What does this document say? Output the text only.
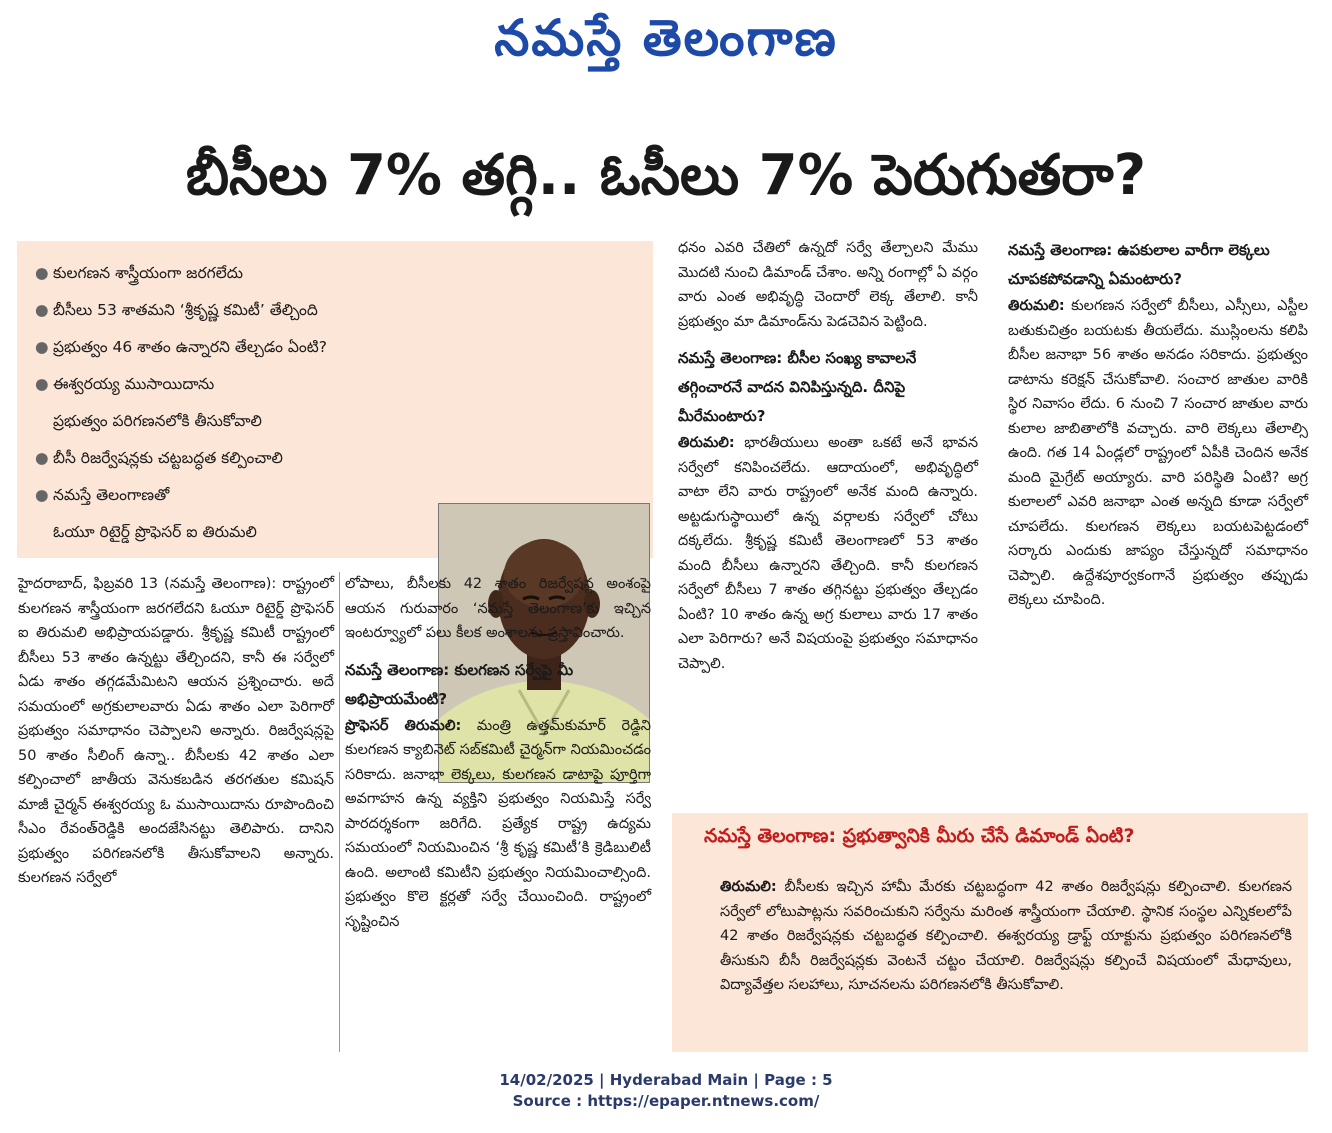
నమస్తే తెలంగాణ
బీసీలు 7% తగ్గి.. ఓసీలు 7% పెరుగుతరా?
● కులగణన శాస్త్రీయంగా జరగలేదు
● బీసీలు 53 శాతమని ‘శ్రీకృష్ణ కమిటీ’ తేల్చింది
● ప్రభుత్వం 46 శాతం ఉన్నారని తేల్చడం ఏంటి?
● ఈశ్వరయ్య ముసాయిదాను
ప్రభుత్వం పరిగణనలోకి తీసుకోవాలి
● బీసీ రిజర్వేషన్లకు చట్టబద్ధత కల్పించాలి
● నమస్తే తెలంగాణతో
ఓయూ రిటైర్డ్ ప్రొఫెసర్ ఐ తిరుమలి

హైదరాబాద్, ఫిబ్రవరి 13 (నమస్తే తెలంగాణ): రాష్ట్రంలో కులగణన శాస్త్రీయంగా జరగలేదని ఓయూ రిటైర్డ్ ప్రొఫెసర్ ఐ తిరుమలి అభిప్రాయపడ్డారు. శ్రీకృష్ణ కమిటీ రాష్ట్రంలో బీసీలు 53 శాతం ఉన్నట్టు తేల్చిందని, కానీ ఈ సర్వేలో ఏడు శాతం తగ్గడమేమిటని ఆయన ప్రశ్నించారు. అదే సమయంలో అగ్రకులాలవారు ఏడు శాతం ఎలా పెరిగారో ప్రభుత్వం సమాధానం చెప్పాలని అన్నారు. రిజర్వేషన్లపై 50 శాతం సీలింగ్ ఉన్నా.. బీసీలకు 42 శాతం ఎలా కల్పించాలో జాతీయ వెనుకబడిన తరగతుల కమిషన్ మాజీ చైర్మన్ ఈశ్వరయ్య ఓ ముసాయిదాను రూపొందించి సీఎం రేవంత్‌రెడ్డికి అందజేసినట్టు తెలిపారు. దానిని ప్రభుత్వం పరిగణనలోకి తీసుకోవాలని అన్నారు. కులగణన సర్వేలో

లోపాలు, బీసీలకు 42 శాతం రిజర్వేషన్ల అంశంపై ఆయన గురువారం ‘నమస్తే తెలంగాణ’కు ఇచ్చిన ఇంటర్వ్యూలో పలు కీలక అంశాలను ప్రస్తావించారు.

నమస్తే తెలంగాణ: కులగణన సర్వేపై మీ అభిప్రాయమేంటి?

ప్రొఫెసర్ తిరుమలి: మంత్రి ఉత్తమ్‌కుమార్ రెడ్డిని కులగణన క్యాబినెట్ సబ్‌కమిటీ చైర్మన్‌గా నియమించడం సరికాదు. జనాభా లెక్కలు, కులగణన డాటాపై పూర్తిగా అవగాహన ఉన్న వ్యక్తిని ప్రభుత్వం నియమిస్తే సర్వే పారదర్శకంగా జరిగేది. ప్రత్యేక రాష్ట్ర ఉద్యమ సమయంలో నియమించిన ‘శ్రీ కృష్ణ కమిటీ’కి క్రెడిబులిటీ ఉంది. అలాంటి కమిటీని ప్రభుత్వం నియమించాల్సింది. ప్రభుత్వం కొలె క్టర్లతో సర్వే చేయించింది. రాష్ట్రంలో సృష్టించిన

ధనం ఎవరి చేతిలో ఉన్నదో సర్వే తేల్చాలని మేము మొదటి నుంచి డిమాండ్ చేశాం. అన్ని రంగాల్లో ఏ వర్గం వారు ఎంత అభివృద్ధి చెందారో లెక్క తేలాలి. కానీ ప్రభుత్వం మా డిమాండ్‌ను పెడచెవిన పెట్టింది.

నమస్తే తెలంగాణ: బీసీల సంఖ్య కావాలనే తగ్గించారనే వాదన వినిపిస్తున్నది. దీనిపై మీరేమంటారు?

తిరుమలి: భారతీయులు అంతా ఒకటే అనే భావన సర్వేలో కనిపించలేదు. ఆదాయంలో, అభివృద్ధిలో వాటా లేని వారు రాష్ట్రంలో అనేక మంది ఉన్నారు. అట్టడుగుస్థాయిలో ఉన్న వర్గాలకు సర్వేలో చోటు దక్కలేదు. శ్రీకృష్ణ కమిటీ తెలంగాణలో 53 శాతం మంది బీసీలు ఉన్నారని తేల్చింది. కానీ కులగణన సర్వేలో బీసీలు 7 శాతం తగ్గినట్టు ప్రభుత్వం తేల్చడం ఏంటి? 10 శాతం ఉన్న అగ్ర కులాలు వారు 17 శాతం ఎలా పెరిగారు? అనే విషయంపై ప్రభుత్వం సమాధానం చెప్పాలి.

నమస్తే తెలంగాణ: ఉపకులాల వారీగా లెక్కలు చూపకపోవడాన్ని ఏమంటారు?

తిరుమలి: కులగణన సర్వేలో బీసీలు, ఎస్సీలు, ఎస్టీల బతుకుచిత్రం బయటకు తీయలేదు. ముస్లింలను కలిపి బీసీల జనాభా 56 శాతం అనడం సరికాదు. ప్రభుత్వం డాటాను కరెక్షన్ చేసుకోవాలి. సంచార జాతుల వారికి స్థిర నివాసం లేదు. 6 నుంచి 7 సంచార జాతుల వారు కులాల జాబితాలోకి వచ్చారు. వారి లెక్కలు తేలాల్సి ఉంది. గత 14 ఏండ్లలో రాష్ట్రంలో ఏపీకి చెందిన అనేక మంది మైగ్రేట్ అయ్యారు. వారి పరిస్థితి ఏంటి? అగ్ర కులాలలో ఎవరి జనాభా ఎంత అన్నది కూడా సర్వేలో చూపలేదు. కులగణన లెక్కలు బయటపెట్టడంలో సర్కారు ఎందుకు జాప్యం చేస్తున్నదో సమాధానం చెప్పాలి. ఉద్దేశపూర్వకంగానే ప్రభుత్వం తప్పుడు లెక్కలు చూపింది.

నమస్తే తెలంగాణ: ప్రభుత్వానికి మీరు చేసే డిమాండ్ ఏంటి?
తిరుమలి: బీసీలకు ఇచ్చిన హామీ మేరకు చట్టబద్ధంగా 42 శాతం రిజర్వేషన్లు కల్పించాలి. కులగణన సర్వేలో లోటుపాట్లను సవరించుకుని సర్వేను మరింత శాస్త్రీయంగా చేయాలి. స్థానిక సంస్థల ఎన్నికలలోపే 42 శాతం రిజర్వేషన్లకు చట్టబద్ధత కల్పించాలి. ఈశ్వరయ్య డ్రాఫ్ట్ యాక్టును ప్రభుత్వం పరిగణనలోకి తీసుకుని బీసీ రిజర్వేషన్లకు వెంటనే చట్టం చేయాలి. రిజర్వేషన్లు కల్పించే విషయంలో మేధావులు, విద్యావేత్తల సలహాలు, సూచనలను పరిగణనలోకి తీసుకోవాలి.
14/02/2025 | Hyderabad Main | Page : 5
Source : https://epaper.ntnews.com/
